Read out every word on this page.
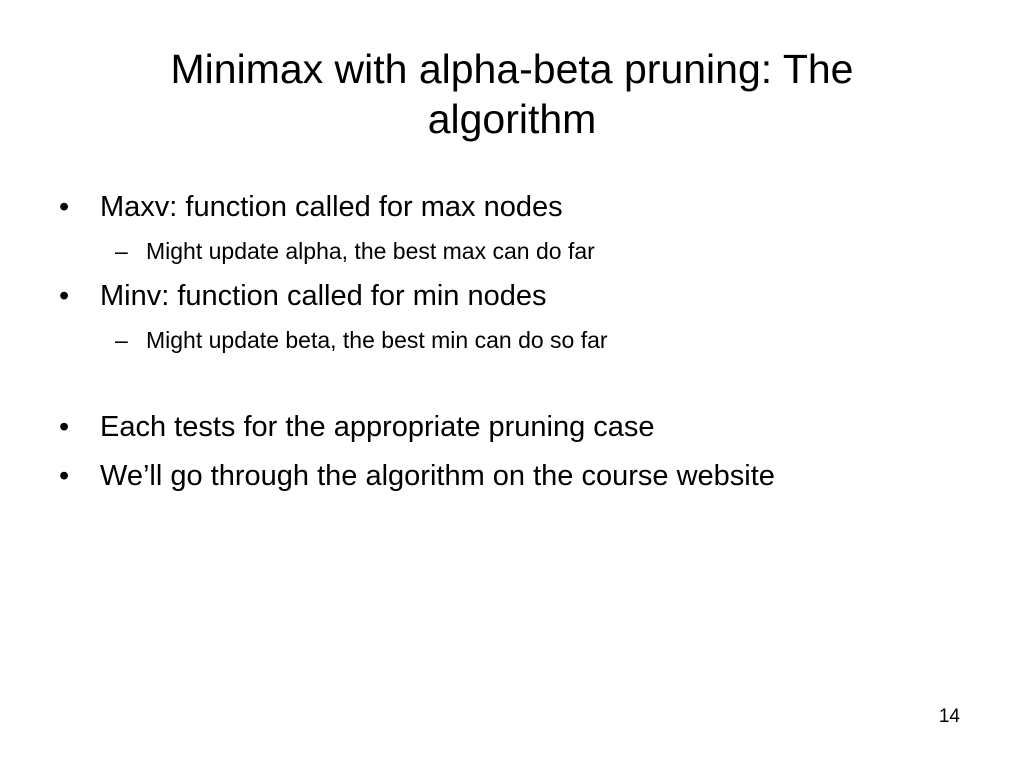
Minimax with alpha-beta pruning: The algorithm
•	Maxv: function called for max nodes
– Might update alpha, the best max can do far
•	Minv: function called for min nodes
– Might update beta, the best min can do so far
•	Each tests for the appropriate pruning case
•	We’ll go through the algorithm on the course website
14
